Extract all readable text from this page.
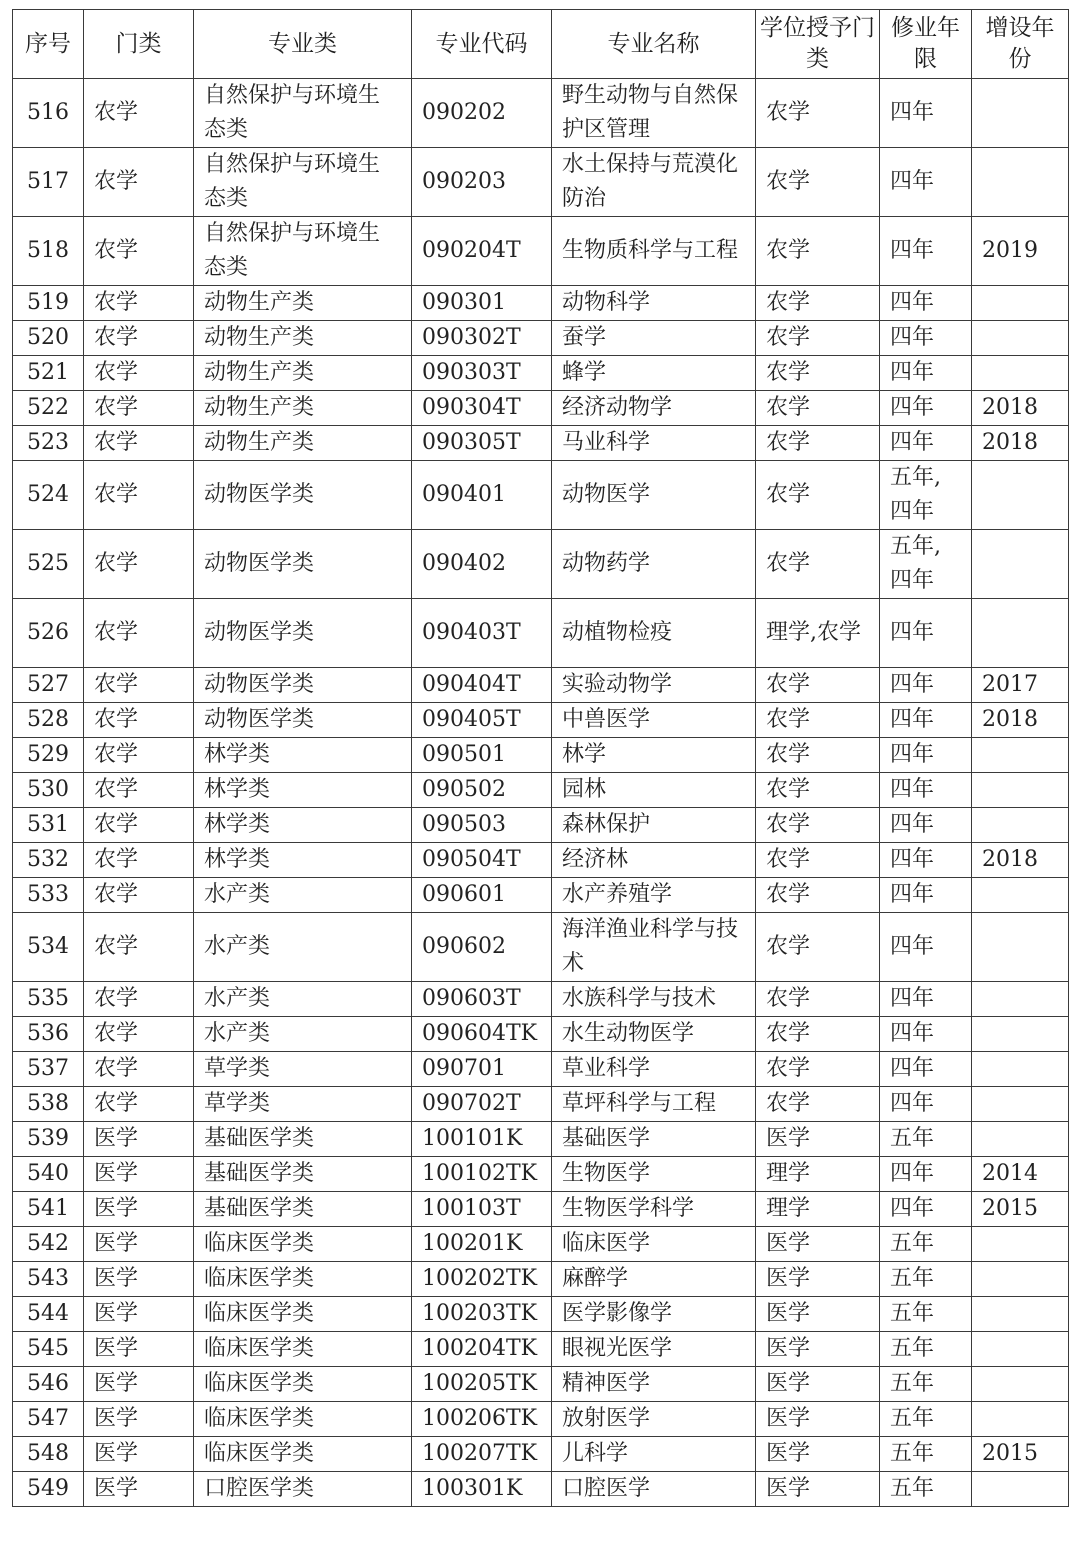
序号	门类	专业类	专业代码	专业名称	学位授予门类	修业年限	增设年份
516	农学	自然保护与环境生态类	090202	野生动物与自然保护区管理	农学	四年	
517	农学	自然保护与环境生态类	090203	水土保持与荒漠化防治	农学	四年	
518	农学	自然保护与环境生态类	090204T	生物质科学与工程	农学	四年	2019
519	农学	动物生产类	090301	动物科学	农学	四年	
520	农学	动物生产类	090302T	蚕学	农学	四年	
521	农学	动物生产类	090303T	蜂学	农学	四年	
522	农学	动物生产类	090304T	经济动物学	农学	四年	2018
523	农学	动物生产类	090305T	马业科学	农学	四年	2018
524	农学	动物医学类	090401	动物医学	农学	五年,四年	
525	农学	动物医学类	090402	动物药学	农学	五年,四年	
526	农学	动物医学类	090403T	动植物检疫	理学,农学	四年	
527	农学	动物医学类	090404T	实验动物学	农学	四年	2017
528	农学	动物医学类	090405T	中兽医学	农学	四年	2018
529	农学	林学类	090501	林学	农学	四年	
530	农学	林学类	090502	园林	农学	四年	
531	农学	林学类	090503	森林保护	农学	四年	
532	农学	林学类	090504T	经济林	农学	四年	2018
533	农学	水产类	090601	水产养殖学	农学	四年	
534	农学	水产类	090602	海洋渔业科学与技术	农学	四年	
535	农学	水产类	090603T	水族科学与技术	农学	四年	
536	农学	水产类	090604TK	水生动物医学	农学	四年	
537	农学	草学类	090701	草业科学	农学	四年	
538	农学	草学类	090702T	草坪科学与工程	农学	四年	
539	医学	基础医学类	100101K	基础医学	医学	五年	
540	医学	基础医学类	100102TK	生物医学	理学	四年	2014
541	医学	基础医学类	100103T	生物医学科学	理学	四年	2015
542	医学	临床医学类	100201K	临床医学	医学	五年	
543	医学	临床医学类	100202TK	麻醉学	医学	五年	
544	医学	临床医学类	100203TK	医学影像学	医学	五年	
545	医学	临床医学类	100204TK	眼视光医学	医学	五年	
546	医学	临床医学类	100205TK	精神医学	医学	五年	
547	医学	临床医学类	100206TK	放射医学	医学	五年	
548	医学	临床医学类	100207TK	儿科学	医学	五年	2015
549	医学	口腔医学类	100301K	口腔医学	医学	五年	
